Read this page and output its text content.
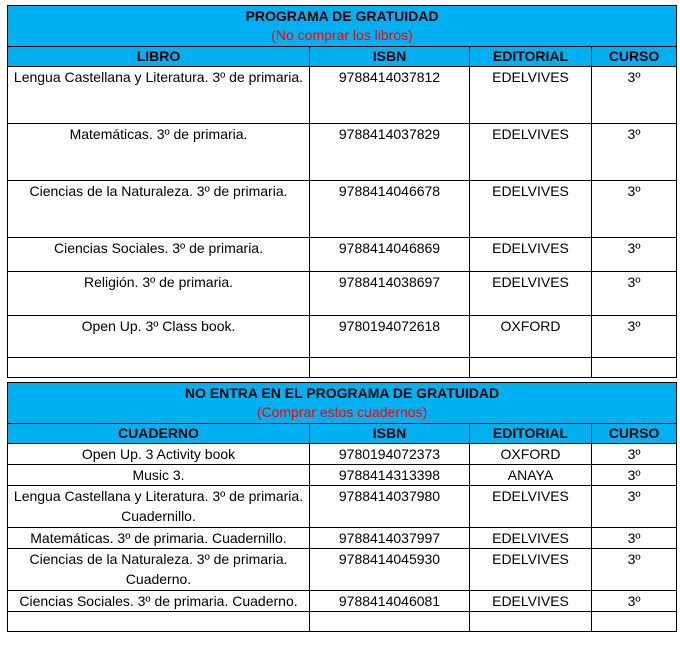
PROGRAMA DE GRATUIDAD
(No comprar los libros)			

LIBRO	ISBN	EDITORIAL	CURSO
Lengua Castellana y Literatura. 3º de primaria.	9788414037812	EDELVIVES	3º
Matemáticas. 3º de primaria.	9788414037829	EDELVIVES	3º
Ciencias de la Naturaleza. 3º de primaria.	9788414046678	EDELVIVES	3º
Ciencias Sociales. 3º de primaria.	9788414046869	EDELVIVES	3º
Religión. 3º de primaria.	9788414038697	EDELVIVES	3º
Open Up. 3º Class book.	9780194072618	OXFORD	3º

NO ENTRA EN EL PROGRAMA DE GRATUIDAD
(Comprar estos cuadernos)			

CUADERNO	ISBN	EDITORIAL	CURSO
Open Up. 3 Activity book	9780194072373	OXFORD	3º
Music 3.	9788414313398	ANAYA	3º
Lengua Castellana y Literatura. 3º de primaria. Cuadernillo.	9788414037980	EDELVIVES	3º
Matemáticas. 3º de primaria. Cuadernillo.	9788414037997	EDELVIVES	3º
Ciencias de la Naturaleza. 3º de primaria. Cuaderno.	9788414045930	EDELVIVES	3º
Ciencias Sociales. 3º de primaria. Cuaderno.	9788414046081	EDELVIVES	3º
